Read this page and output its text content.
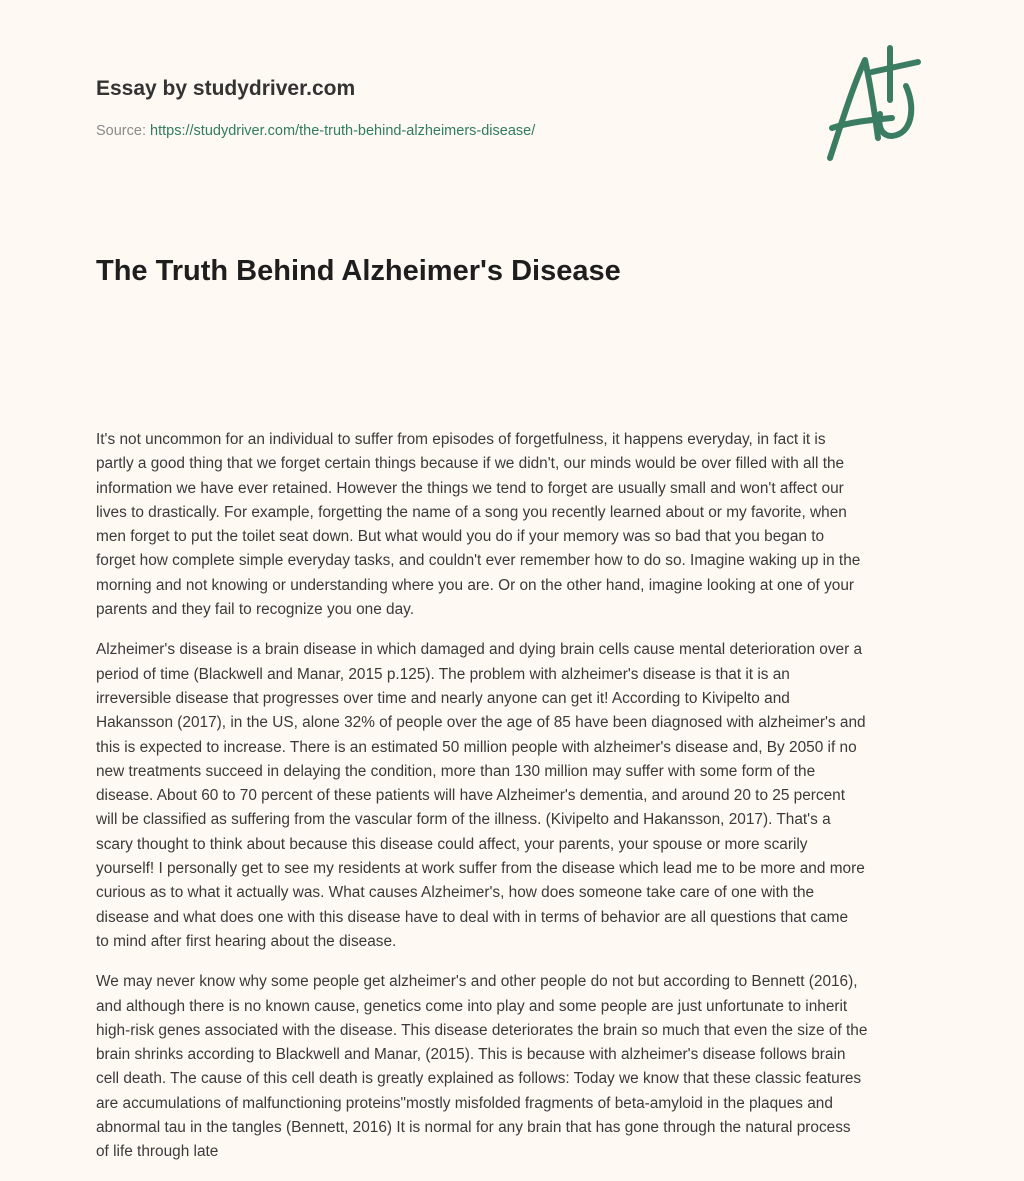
Essay by studydriver.com
Source: https://studydriver.com/the-truth-behind-alzheimers-disease/
The Truth Behind Alzheimer's Disease

It's not uncommon for an individual to suffer from episodes of forgetfulness, it happens everyday, in fact it is
partly a good thing that we forget certain things because if we didn't, our minds would be over filled with all the
information we have ever retained. However the things we tend to forget are usually small and won't affect our
lives to drastically. For example, forgetting the name of a song you recently learned about or my favorite, when
men forget to put the toilet seat down. But what would you do if your memory was so bad that you began to
forget how complete simple everyday tasks, and couldn't ever remember how to do so. Imagine waking up in the
morning and not knowing or understanding where you are. Or on the other hand, imagine looking at one of your
parents and they fail to recognize you one day.

Alzheimer's disease is a brain disease in which damaged and dying brain cells cause mental deterioration over a
period of time (Blackwell and Manar, 2015 p.125). The problem with alzheimer's disease is that it is an
irreversible disease that progresses over time and nearly anyone can get it! According to Kivipelto and
Hakansson (2017), in the US, alone 32% of people over the age of 85 have been diagnosed with alzheimer's and
this is expected to increase. There is an estimated 50 million people with alzheimer's disease and, By 2050 if no
new treatments succeed in delaying the condition, more than 130 million may suffer with some form of the
disease. About 60 to 70 percent of these patients will have Alzheimer's dementia, and around 20 to 25 percent
will be classified as suffering from the vascular form of the illness. (Kivipelto and Hakansson, 2017). That's a
scary thought to think about because this disease could affect, your parents, your spouse or more scarily
yourself! I personally get to see my residents at work suffer from the disease which lead me to be more and more
curious as to what it actually was. What causes Alzheimer's, how does someone take care of one with the
disease and what does one with this disease have to deal with in terms of behavior are all questions that came
to mind after first hearing about the disease.

We may never know why some people get alzheimer's and other people do not but according to Bennett (2016),
and although there is no known cause, genetics come into play and some people are just unfortunate to inherit
high-risk genes associated with the disease. This disease deteriorates the brain so much that even the size of the
brain shrinks according to Blackwell and Manar, (2015). This is because with alzheimer's disease follows brain
cell death. The cause of this cell death is greatly explained as follows: Today we know that these classic features
are accumulations of malfunctioning proteins"mostly misfolded fragments of beta-amyloid in the plaques and
abnormal tau in the tangles (Bennett, 2016) It is normal for any brain that has gone through the natural process
of life through late
